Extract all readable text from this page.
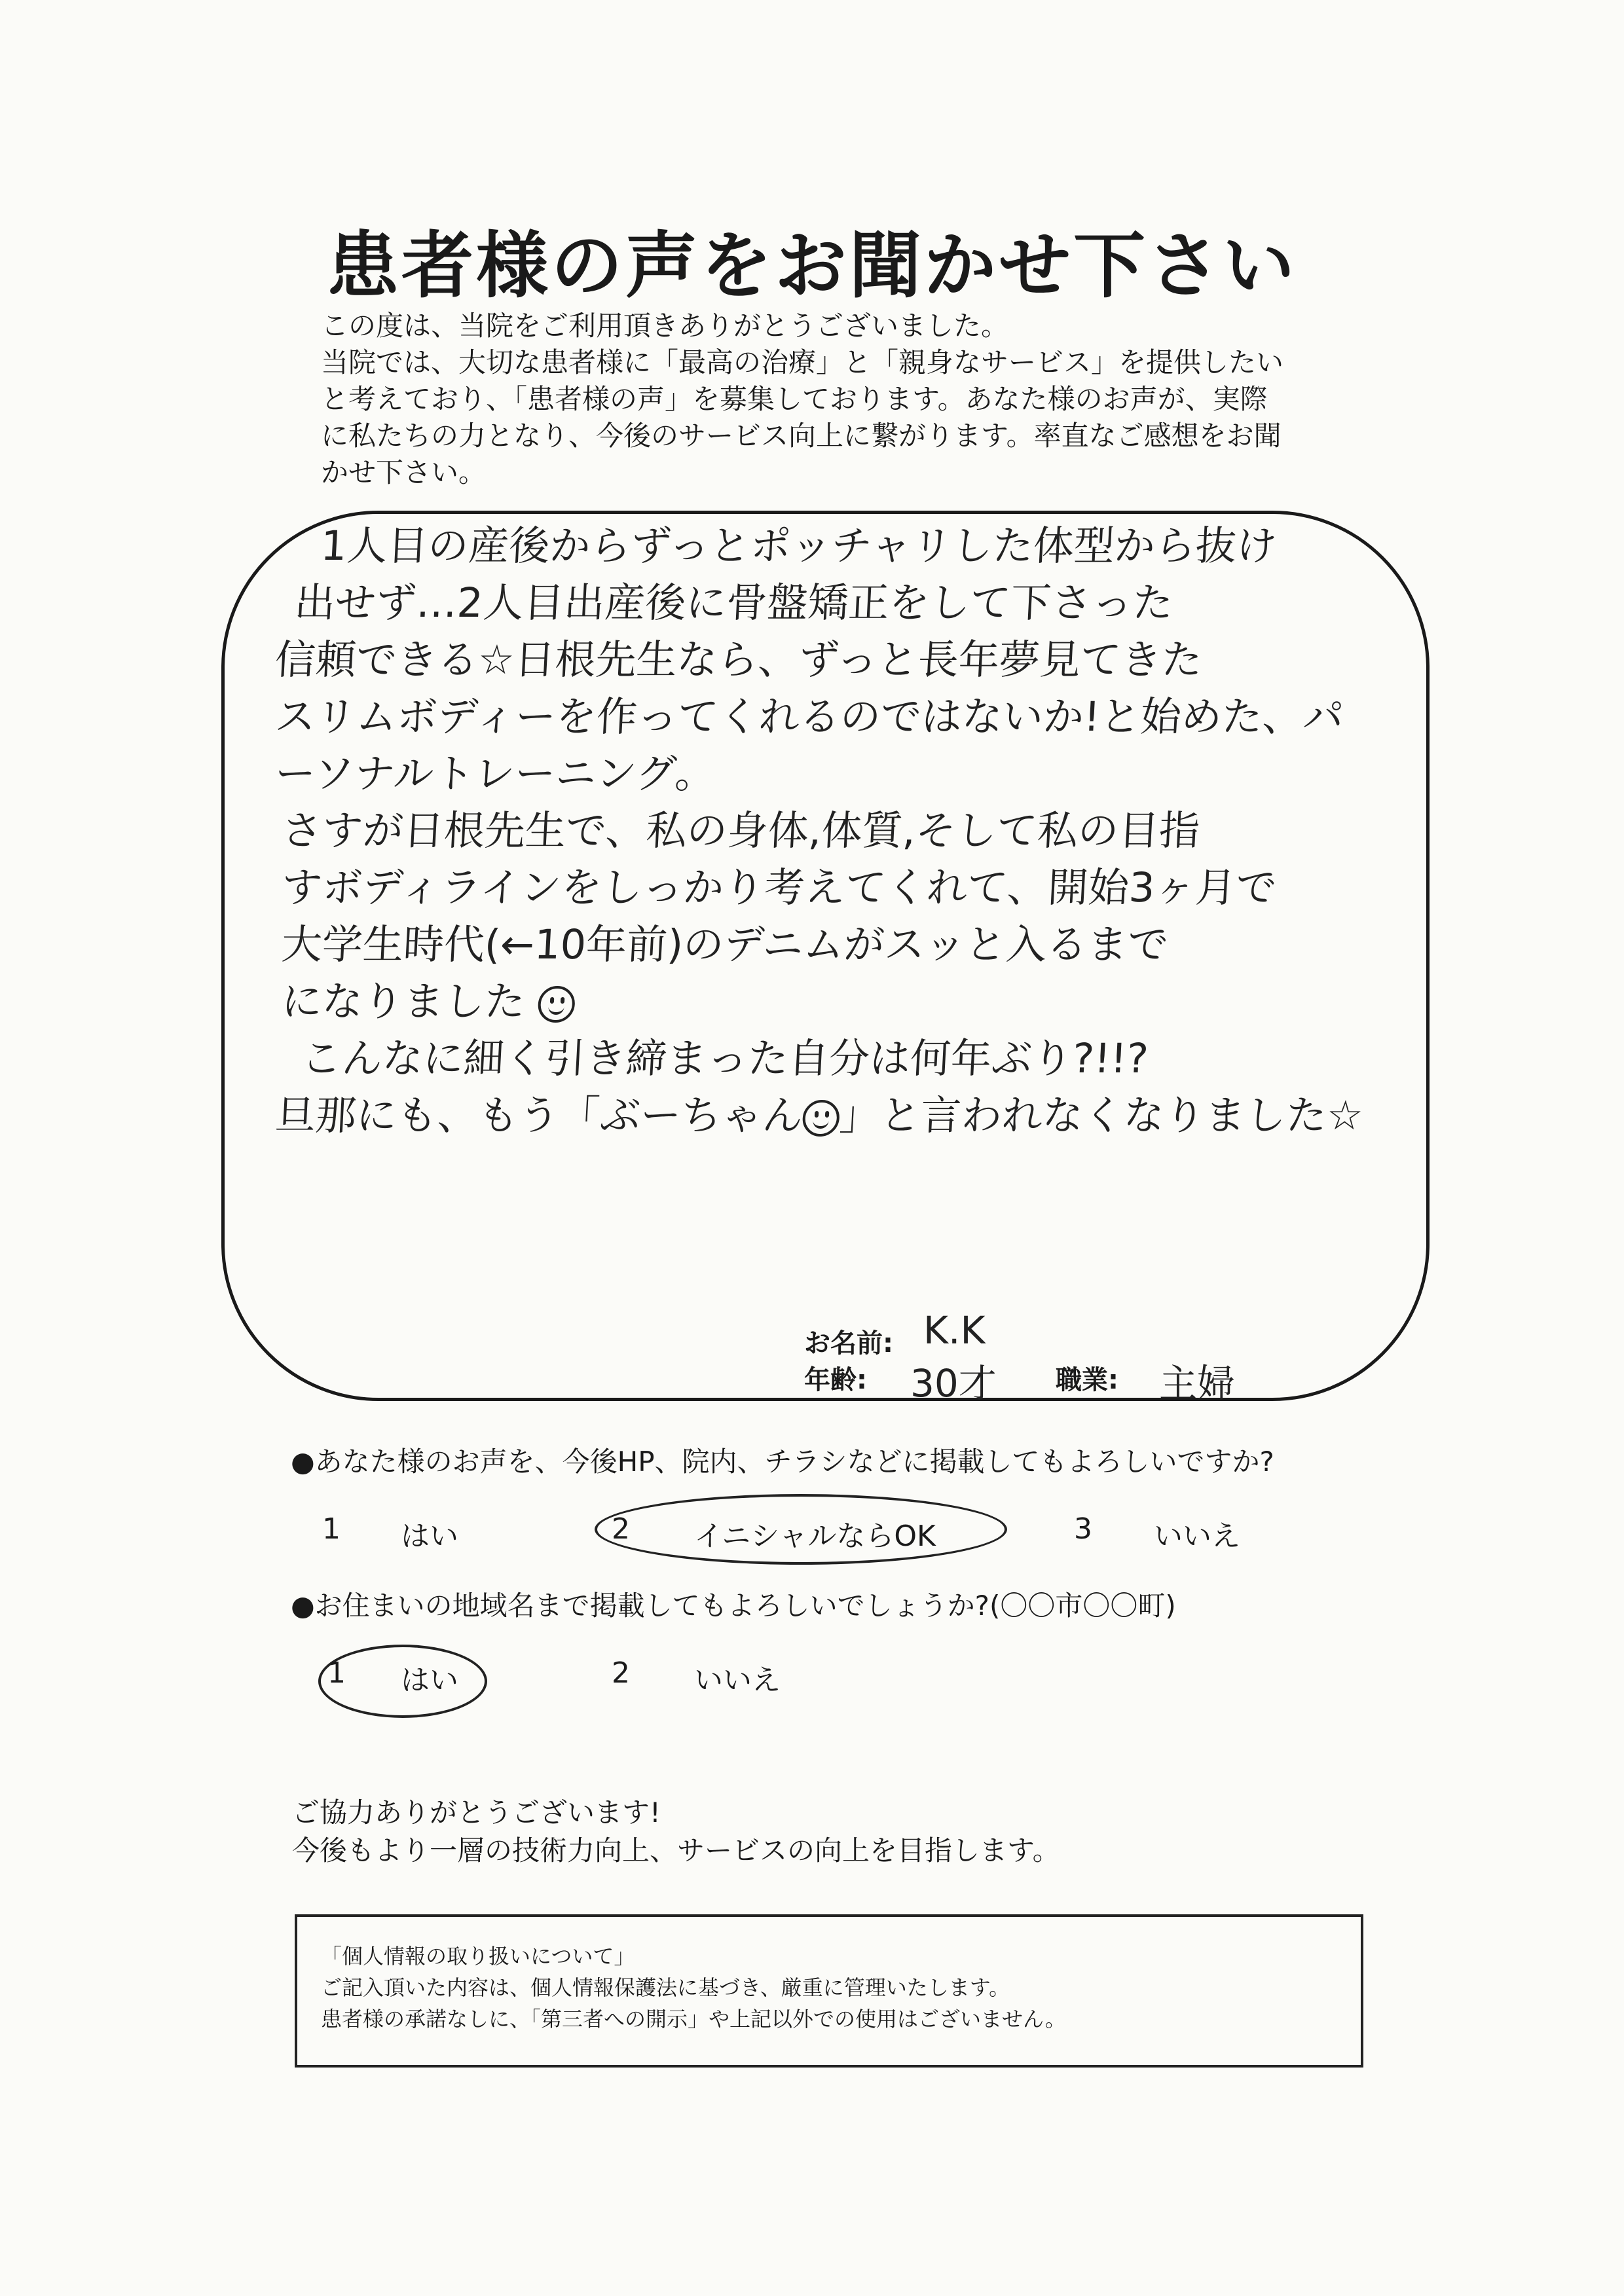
患者様の声をお聞かせ下さい
この度は、当院をご利用頂きありがとうございました。
当院では、大切な患者様に「最高の治療」と「親身なサービス」を提供したい
と考えており、「患者様の声」を募集しております。あなた様のお声が、実際
に私たちの力となり、今後のサービス向上に繋がります。率直なご感想をお聞
かせ下さい。
1人目の産後からずっとポッチャリした体型から抜け
出せず…2人目出産後に骨盤矯正をして下さった
信頼できる☆日根先生なら、ずっと長年夢見てきた
スリムボディーを作ってくれるのではないか!と始めた、パ
ーソナルトレーニング。
さすが日根先生で、私の身体,体質,そして私の目指
すボディラインをしっかり考えてくれて、開始3ヶ月で
大学生時代(←10年前)のデニムがスッと入るまで
になりました
こんなに細く引き締まった自分は何年ぶり?!!?
旦那にも、もう「ぶーちゃん 」と言われなくなりました☆
お名前: K.K
年齢: 30才 職業: 主婦
●あなた様のお声を、今後HP、院内、チラシなどに掲載してもよろしいですか?
1 はい	2 イニシャルならOK	3 いいえ
●お住まいの地域名まで掲載してもよろしいでしょうか?(〇〇市〇〇町)
1 はい	2 いいえ
ご協力ありがとうございます!
今後もより一層の技術力向上、サービスの向上を目指します。
「個人情報の取り扱いについて」
ご記入頂いた内容は、個人情報保護法に基づき、厳重に管理いたします。
患者様の承諾なしに、「第三者への開示」や上記以外での使用はございません。
